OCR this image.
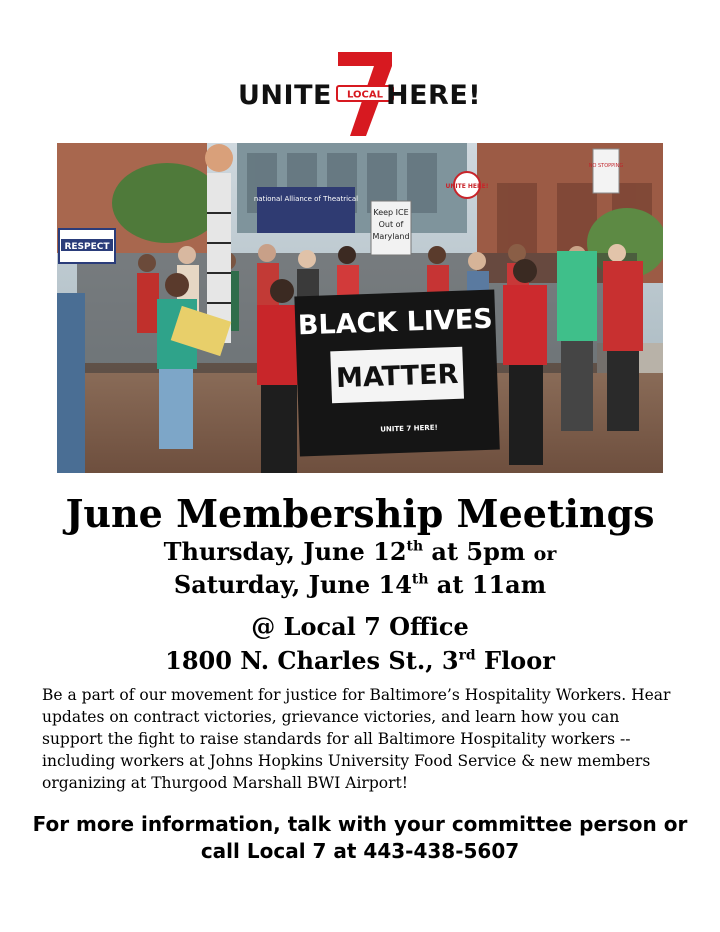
UNITE LOCAL HERE!
national Alliance of Theatrical
Keep ICE
Out of
Maryland
RESPECT
UNITE HERE!
NO STOPPING
BLACK LIVES
MATTER
UNITE 7 HERE!
June Membership Meetings
Thursday, June 12th at 5pm or
Saturday, June 14th at 11am
@ Local 7 Office
1800 N. Charles St., 3rd Floor
Be a part of our movement for justice for Baltimore’s Hospitality Workers. Hear updates on contract victories, grievance victories, and learn how you can support the fight to raise standards for all Baltimore Hospitality workers -- including workers at Johns Hopkins University Food Service & new members organizing at Thurgood Marshall BWI Airport!
For more information, talk with your committee person or
call Local 7 at 443-438-5607
